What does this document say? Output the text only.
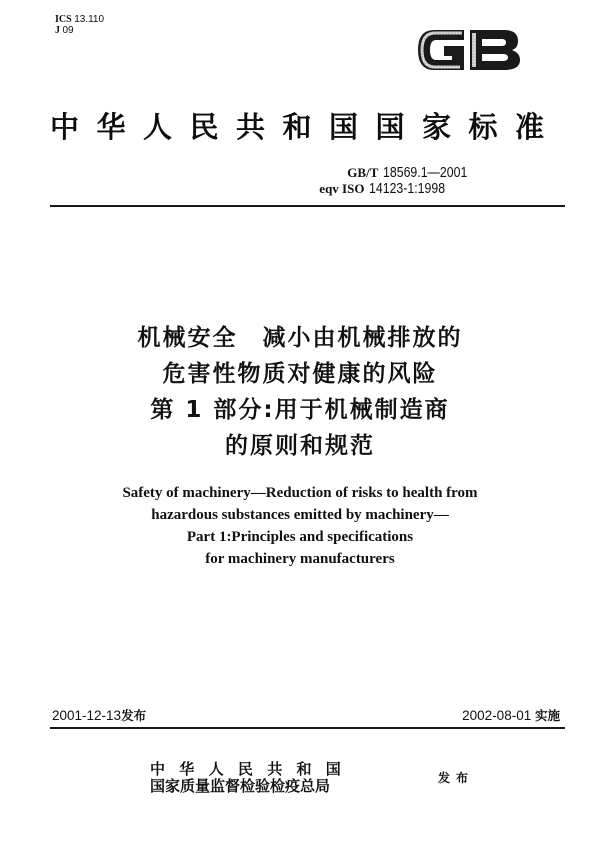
ICS 13.110
J 09
中华人民共和国国家标准
GB/T 18569.1—2001
eqv ISO 14123-1:1998
机械安全　减小由机械排放的
危害性物质对健康的风险
第 1 部分:用于机械制造商
的原则和规范
Safety of machinery—Reduction of risks to health from
hazardous substances emitted by machinery—
Part 1:Principles and specifications
for machinery manufacturers
2001-12-13发布	2002-08-01 实施
中华人民共和国
国家质量监督检验检疫总局	发布
